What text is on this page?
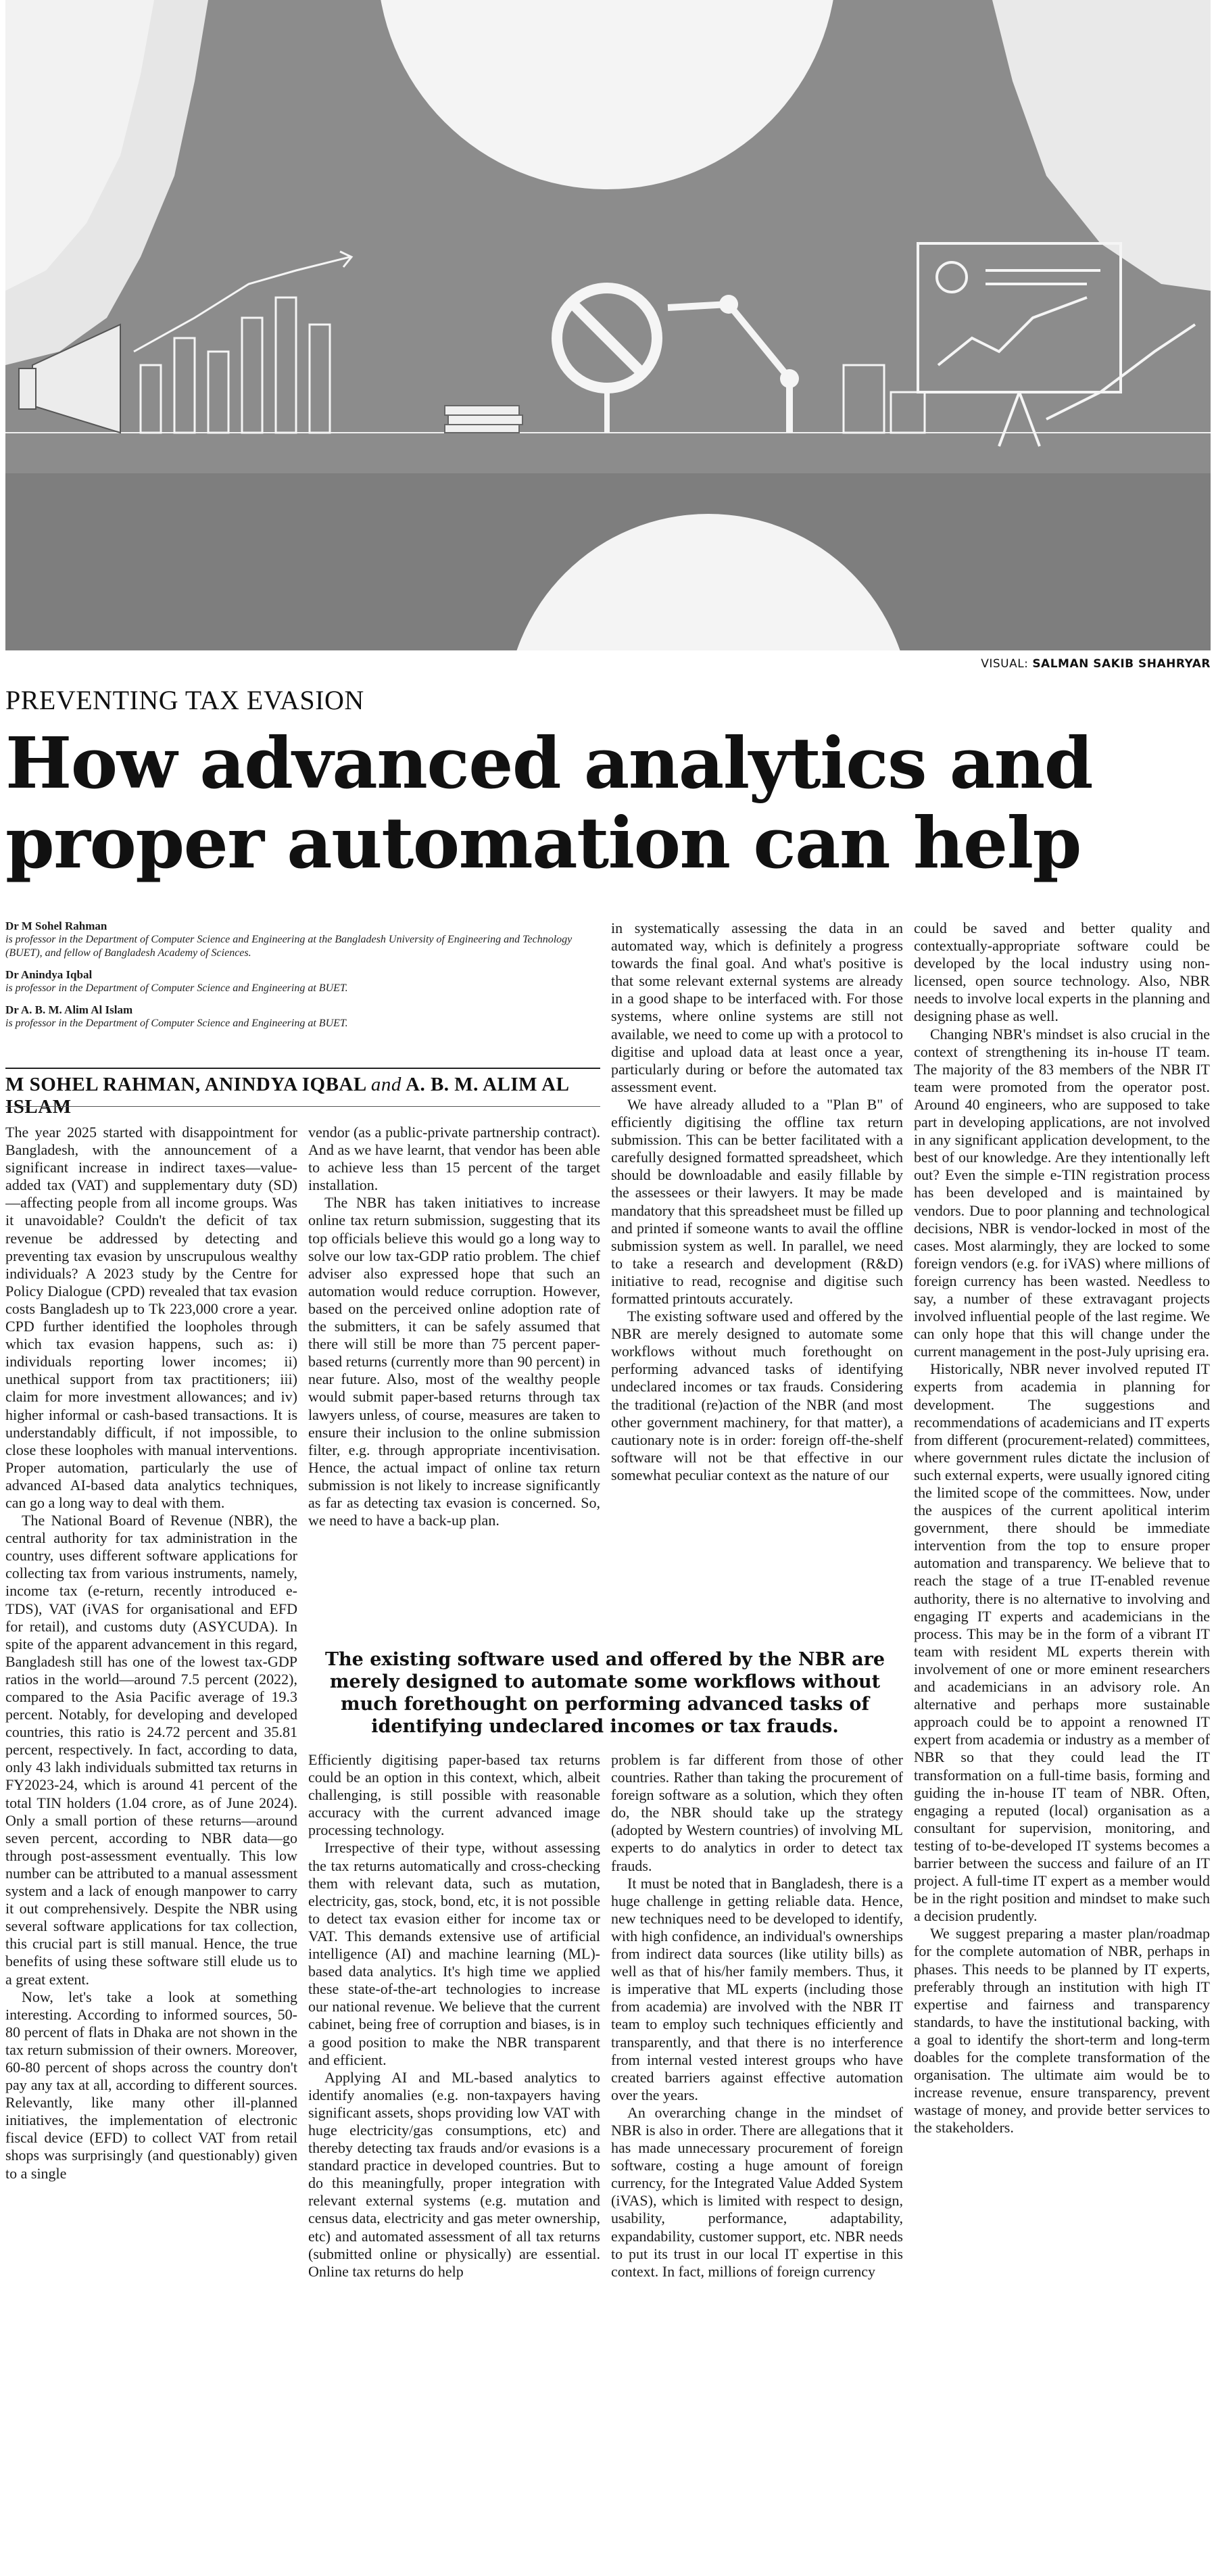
VISUAL: SALMAN SAKIB SHAHRYAR
PREVENTING TAX EVASION
How advanced analytics and proper automation can help
Dr M Sohel Rahman
is professor in the Department of Computer Science and Engineering at the Bangladesh University of Engineering and Technology (BUET), and fellow of Bangladesh Academy of Sciences.
Dr Anindya Iqbal
is professor in the Department of Computer Science and Engineering at BUET.
Dr A. B. M. Alim Al Islam
is professor in the Department of Computer Science and Engineering at BUET.
M SOHEL RAHMAN, ANINDYA IQBAL and A. B. M. ALIM AL ISLAM

The year 2025 started with disappointment for Bangladesh, with the announcement of a significant increase in indirect taxes—value-added tax (VAT) and supplementary duty (SD)—affecting people from all income groups. Was it unavoidable? Couldn't the deficit of tax revenue be addressed by detecting and preventing tax evasion by unscrupulous wealthy individuals? A 2023 study by the Centre for Policy Dialogue (CPD) revealed that tax evasion costs Bangladesh up to Tk 223,000 crore a year. CPD further identified the loopholes through which tax evasion happens, such as: i) individuals reporting lower incomes; ii) unethical support from tax practitioners; iii) claim for more investment allowances; and iv) higher informal or cash-based transactions. It is understandably difficult, if not impossible, to close these loopholes with manual interventions. Proper automation, particularly the use of advanced AI-based data analytics techniques, can go a long way to deal with them.

The National Board of Revenue (NBR), the central authority for tax administration in the country, uses different software applications for collecting tax from various instruments, namely, income tax (e-return, recently introduced e-TDS), VAT (iVAS for organisational and EFD for retail), and customs duty (ASYCUDA). In spite of the apparent advancement in this regard, Bangladesh still has one of the lowest tax-GDP ratios in the world—around 7.5 percent (2022), compared to the Asia Pacific average of 19.3 percent. Notably, for developing and developed countries, this ratio is 24.72 percent and 35.81 percent, respectively. In fact, according to data, only 43 lakh individuals submitted tax returns in FY2023-24, which is around 41 percent of the total TIN holders (1.04 crore, as of June 2024). Only a small portion of these returns—around seven percent, according to NBR data—go through post-assessment eventually. This low number can be attributed to a manual assessment system and a lack of enough manpower to carry it out comprehensively. Despite the NBR using several software applications for tax collection, this crucial part is still manual. Hence, the true benefits of using these software still elude us to a great extent.

Now, let's take a look at something interesting. According to informed sources, 50-80 percent of flats in Dhaka are not shown in the tax return submission of their owners. Moreover, 60-80 percent of shops across the country don't pay any tax at all, according to different sources. Relevantly, like many other ill-planned initiatives, the implementation of electronic fiscal device (EFD) to collect VAT from retail shops was surprisingly (and questionably) given to a single

vendor (as a public-private partnership contract). And as we have learnt, that vendor has been able to achieve less than 15 percent of the target installation.

The NBR has taken initiatives to increase online tax return submission, suggesting that its top officials believe this would go a long way to solve our low tax-GDP ratio problem. The chief adviser also expressed hope that such an automation would reduce corruption. However, based on the perceived online adoption rate of the submitters, it can be safely assumed that there will still be more than 75 percent paper-based returns (currently more than 90 percent) in near future. Also, most of the wealthy people would submit paper-based returns through tax lawyers unless, of course, measures are taken to ensure their inclusion to the online submission filter, e.g. through appropriate incentivisation. Hence, the actual impact of online tax return submission is not likely to increase significantly as far as detecting tax evasion is concerned. So, we need to have a back-up plan.

in systematically assessing the data in an automated way, which is definitely a progress towards the final goal. And what's positive is that some relevant external systems are already in a good shape to be interfaced with. For those systems, where online systems are still not available, we need to come up with a protocol to digitise and upload data at least once a year, particularly during or before the automated tax assessment event.

We have already alluded to a "Plan B" of efficiently digitising the offline tax return submission. This can be better facilitated with a carefully designed formatted spreadsheet, which should be downloadable and easily fillable by the assessees or their lawyers. It may be made mandatory that this spreadsheet must be filled up and printed if someone wants to avail the offline submission system as well. In parallel, we need to take a research and development (R&D) initiative to read, recognise and digitise such formatted printouts accurately.

The existing software used and offered by the NBR are merely designed to automate some workflows without much forethought on performing advanced tasks of identifying undeclared incomes or tax frauds. Considering the traditional (re)action of the NBR (and most other government machinery, for that matter), a cautionary note is in order: foreign off-the-shelf software will not be that effective in our somewhat peculiar context as the nature of our

The existing software used and offered by the NBR are merely designed to automate some workflows without much forethought on performing advanced tasks of identifying undeclared incomes or tax frauds.

Efficiently digitising paper-based tax returns could be an option in this context, which, albeit challenging, is still possible with reasonable accuracy with the current advanced image processing technology.

Irrespective of their type, without assessing the tax returns automatically and cross-checking them with relevant data, such as mutation, electricity, gas, stock, bond, etc, it is not possible to detect tax evasion either for income tax or VAT. This demands extensive use of artificial intelligence (AI) and machine learning (ML)-based data analytics. It's high time we applied these state-of-the-art technologies to increase our national revenue. We believe that the current cabinet, being free of corruption and biases, is in a good position to make the NBR transparent and efficient.

Applying AI and ML-based analytics to identify anomalies (e.g. non-taxpayers having significant assets, shops providing low VAT with huge electricity/gas consumptions, etc) and thereby detecting tax frauds and/or evasions is a standard practice in developed countries. But to do this meaningfully, proper integration with relevant external systems (e.g. mutation and census data, electricity and gas meter ownership, etc) and automated assessment of all tax returns (submitted online or physically) are essential. Online tax returns do help

problem is far different from those of other countries. Rather than taking the procurement of foreign software as a solution, which they often do, the NBR should take up the strategy (adopted by Western countries) of involving ML experts to do analytics in order to detect tax frauds.

It must be noted that in Bangladesh, there is a huge challenge in getting reliable data. Hence, new techniques need to be developed to identify, with high confidence, an individual's ownerships from indirect data sources (like utility bills) as well as that of his/her family members. Thus, it is imperative that ML experts (including those from academia) are involved with the NBR IT team to employ such techniques efficiently and transparently, and that there is no interference from internal vested interest groups who have created barriers against effective automation over the years.

An overarching change in the mindset of NBR is also in order. There are allegations that it has made unnecessary procurement of foreign software, costing a huge amount of foreign currency, for the Integrated Value Added System (iVAS), which is limited with respect to design, usability, performance, adaptability, expandability, customer support, etc. NBR needs to put its trust in our local IT expertise in this context. In fact, millions of foreign currency

could be saved and better quality and contextually-appropriate software could be developed by the local industry using non-licensed, open source technology. Also, NBR needs to involve local experts in the planning and designing phase as well.

Changing NBR's mindset is also crucial in the context of strengthening its in-house IT team. The majority of the 83 members of the NBR IT team were promoted from the operator post. Around 40 engineers, who are supposed to take part in developing applications, are not involved in any significant application development, to the best of our knowledge. Are they intentionally left out? Even the simple e-TIN registration process has been developed and is maintained by vendors. Due to poor planning and technological decisions, NBR is vendor-locked in most of the cases. Most alarmingly, they are locked to some foreign vendors (e.g. for iVAS) where millions of foreign currency has been wasted. Needless to say, a number of these extravagant projects involved influential people of the last regime. We can only hope that this will change under the current management in the post-July uprising era.

Historically, NBR never involved reputed IT experts from academia in planning for development. The suggestions and recommendations of academicians and IT experts from different (procurement-related) committees, where government rules dictate the inclusion of such external experts, were usually ignored citing the limited scope of the committees. Now, under the auspices of the current apolitical interim government, there should be immediate intervention from the top to ensure proper automation and transparency. We believe that to reach the stage of a true IT-enabled revenue authority, there is no alternative to involving and engaging IT experts and academicians in the process. This may be in the form of a vibrant IT team with resident ML experts therein with involvement of one or more eminent researchers and academicians in an advisory role. An alternative and perhaps more sustainable approach could be to appoint a renowned IT expert from academia or industry as a member of NBR so that they could lead the IT transformation on a full-time basis, forming and guiding the in-house IT team of NBR. Often, engaging a reputed (local) organisation as a consultant for supervision, monitoring, and testing of to-be-developed IT systems becomes a barrier between the success and failure of an IT project. A full-time IT expert as a member would be in the right position and mindset to make such a decision prudently.

We suggest preparing a master plan/roadmap for the complete automation of NBR, perhaps in phases. This needs to be planned by IT experts, preferably through an institution with high IT expertise and fairness and transparency standards, to have the institutional backing, with a goal to identify the short-term and long-term doables for the complete transformation of the organisation. The ultimate aim would be to increase revenue, ensure transparency, prevent wastage of money, and provide better services to the stakeholders.
